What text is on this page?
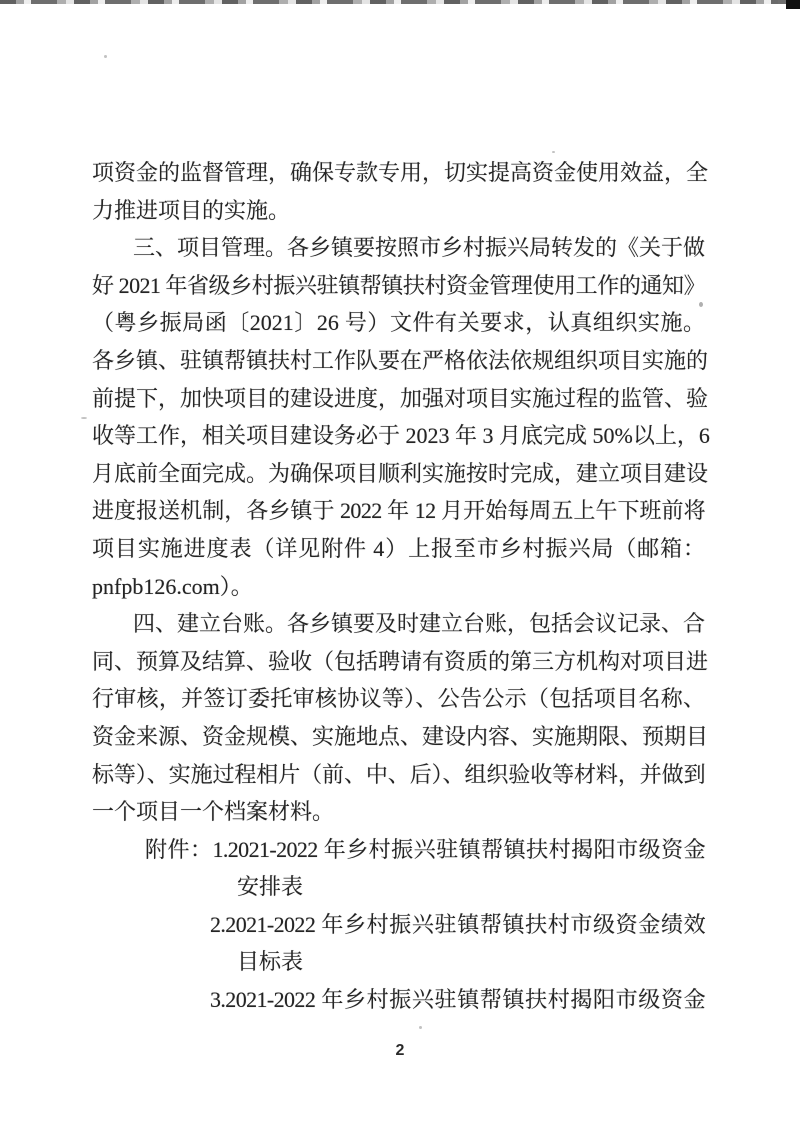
项资金的监督管理，确保专款专用，切实提高资金使用效益，全
力推进项目的实施。
三、项目管理。各乡镇要按照市乡村振兴局转发的《关于做
好 2021 年省级乡村振兴驻镇帮镇扶村资金管理使用工作的通知》
（粤乡振局函〔2021〕26 号）文件有关要求，认真组织实施。
各乡镇、驻镇帮镇扶村工作队要在严格依法依规组织项目实施的
前提下，加快项目的建设进度，加强对项目实施过程的监管、验
收等工作，相关项目建设务必于 2023 年 3 月底完成 50%以上，6
月底前全面完成。为确保项目顺利实施按时完成，建立项目建设
进度报送机制，各乡镇于 2022 年 12 月开始每周五上午下班前将
项目实施进度表（详见附件 4）上报至市乡村振兴局（邮箱：
pnfpb126.com）。
四、建立台账。各乡镇要及时建立台账，包括会议记录、合
同、预算及结算、验收（包括聘请有资质的第三方机构对项目进
行审核，并签订委托审核协议等）、公告公示（包括项目名称、
资金来源、资金规模、实施地点、建设内容、实施期限、预期目
标等）、实施过程相片（前、中、后）、组织验收等材料，并做到
一个项目一个档案材料。
附件：1.2021-2022 年乡村振兴驻镇帮镇扶村揭阳市级资金
安排表
2.2021-2022 年乡村振兴驻镇帮镇扶村市级资金绩效
目标表
3.2021-2022 年乡村振兴驻镇帮镇扶村揭阳市级资金
2
